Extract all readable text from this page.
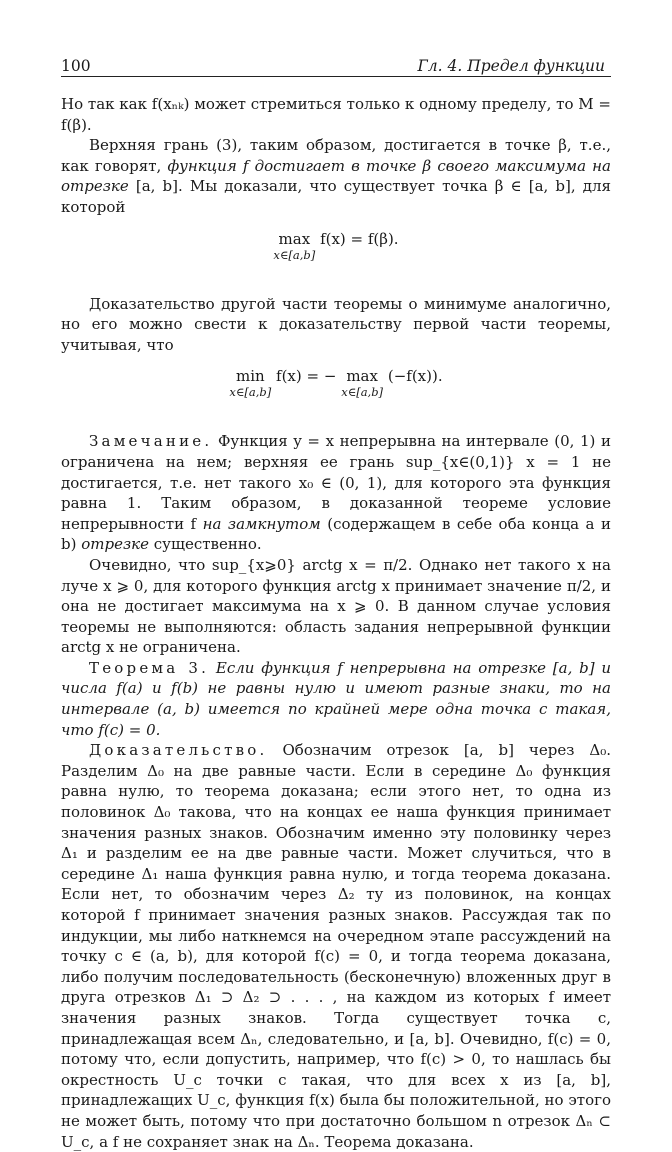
100	Гл. 4. Предел функции

Но так как f(xₙₖ) может стремиться только к одному пределу, то M = f(β).

Верхняя грань (3), таким образом, достигается в точке β, т.е., как говорят, функция f достигает в точке β своего максимума на отрезке [a, b]. Мы доказали, что существует точка β ∈ [a, b], для которой

max
x∈[a,b]
f(x) = f(β).

Доказательство другой части теоремы о минимуме аналогично, но его можно свести к доказательству первой части теоремы, учитывая, что

min
x∈[a,b]
f(x) = − max
x∈[a,b]
(−f(x)).

Замечание. Функция y = x непрерывна на интервале (0, 1) и ограничена на нем; верхняя ее грань sup_{x∈(0,1)} x = 1 не достигается, т.е. нет такого x₀ ∈ (0, 1), для которого эта функция равна 1. Таким образом, в доказанной теореме условие непрерывности f на замкнутом (содержащем в себе оба конца a и b) отрезке существенно.

Очевидно, что sup_{x⩾0} arctg x = π/2. Однако нет такого x на луче x ⩾ 0, для которого функция arctg x принимает значение π/2, и она не достигает максимума на x ⩾ 0. В данном случае условия теоремы не выполняются: область задания непрерывной функции arctg x не ограничена.

Теорема 3. Если функция f непрерывна на отрезке [a, b] и числа f(a) и f(b) не равны нулю и имеют разные знаки, то на интервале (a, b) имеется по крайней мере одна точка c такая, что f(c) = 0.

Доказательство. Обозначим отрезок [a, b] через Δ₀. Разделим Δ₀ на две равные части. Если в середине Δ₀ функция равна нулю, то теорема доказана; если этого нет, то одна из половинок Δ₀ такова, что на концах ее наша функция принимает значения разных знаков. Обозначим именно эту половинку через Δ₁ и разделим ее на две равные части. Может случиться, что в середине Δ₁ наша функция равна нулю, и тогда теорема доказана. Если нет, то обозначим через Δ₂ ту из половинок, на концах которой f принимает значения разных знаков. Рассуждая так по индукции, мы либо наткнемся на очередном этапе рассуждений на точку c ∈ (a, b), для которой f(c) = 0, и тогда теорема доказана, либо получим последовательность (бесконечную) вложенных друг в друга отрезков Δ₁ ⊃ Δ₂ ⊃ . . . , на каждом из которых f имеет значения разных знаков. Тогда существует точка c, принадлежащая всем Δₙ, следовательно, и [a, b]. Очевидно, f(c) = 0, потому что, если допустить, например, что f(c) > 0, то нашлась бы окрестность U_c точки c такая, что для всех x из [a, b], принадлежащих U_c, функция f(x) была бы положительной, но этого не может быть, потому что при достаточно большом n отрезок Δₙ ⊂ U_c, а f не сохраняет знак на Δₙ. Теорема доказана.
